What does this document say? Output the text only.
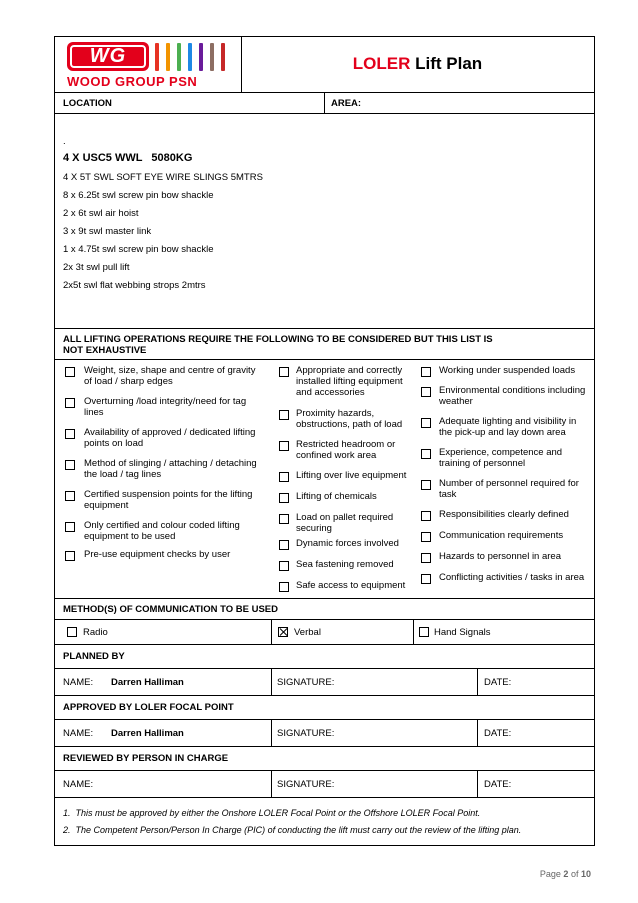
WG
WOOD GROUP PSN
LOLER Lift Plan
LOCATION	AREA:
.
4 X USC5 WWL   5080KG
4 X 5T SWL SOFT EYE WIRE SLINGS 5MTRS
8 x 6.25t swl screw pin bow shackle
2 x 6t swl air hoist
3 x 9t swl master link
1 x 4.75t swl screw pin bow shackle
2x 3t swl pull lift
2x5t swl flat webbing strops 2mtrs
ALL LIFTING OPERATIONS REQUIRE THE FOLLOWING TO BE CONSIDERED BUT THIS LIST IS
NOT EXHAUSTIVE
Weight, size, shape and centre of gravity of load / sharp edges
Overturning /load integrity/need for tag lines
Availability of approved / dedicated lifting points on load
Method of slinging / attaching / detaching the load / tag lines
Certified suspension points for the lifting equipment
Only certified and colour coded lifting equipment to be used
Pre-use equipment checks by user
Appropriate and correctly installed lifting equipment and accessories
Proximity hazards, obstructions, path of load
Restricted headroom or confined work area
Lifting over live equipment
Lifting of chemicals
Load on pallet required securing
Dynamic forces involved
Sea fastening removed
Safe access to equipment
Working under suspended loads
Environmental conditions including weather
Adequate lighting and visibility in the pick-up and lay down area
Experience, competence and training of personnel
Number of personnel required for task
Responsibilities clearly defined
Communication requirements
Hazards to personnel in area
Conflicting activities / tasks in area
METHOD(S) OF COMMUNICATION TO BE USED
Radio	Verbal	Hand Signals
PLANNED BY
NAME: Darren Halliman	SIGNATURE:	DATE:
APPROVED BY LOLER FOCAL POINT
NAME: Darren Halliman	SIGNATURE:	DATE:
REVIEWED BY PERSON IN CHARGE
NAME:	SIGNATURE:	DATE:
1.  This must be approved by either the Onshore LOLER Focal Point or the Offshore LOLER Focal Point.
2.  The Competent Person/Person In Charge (PIC) of conducting the lift must carry out the review of the lifting plan.
Page 2 of 10
